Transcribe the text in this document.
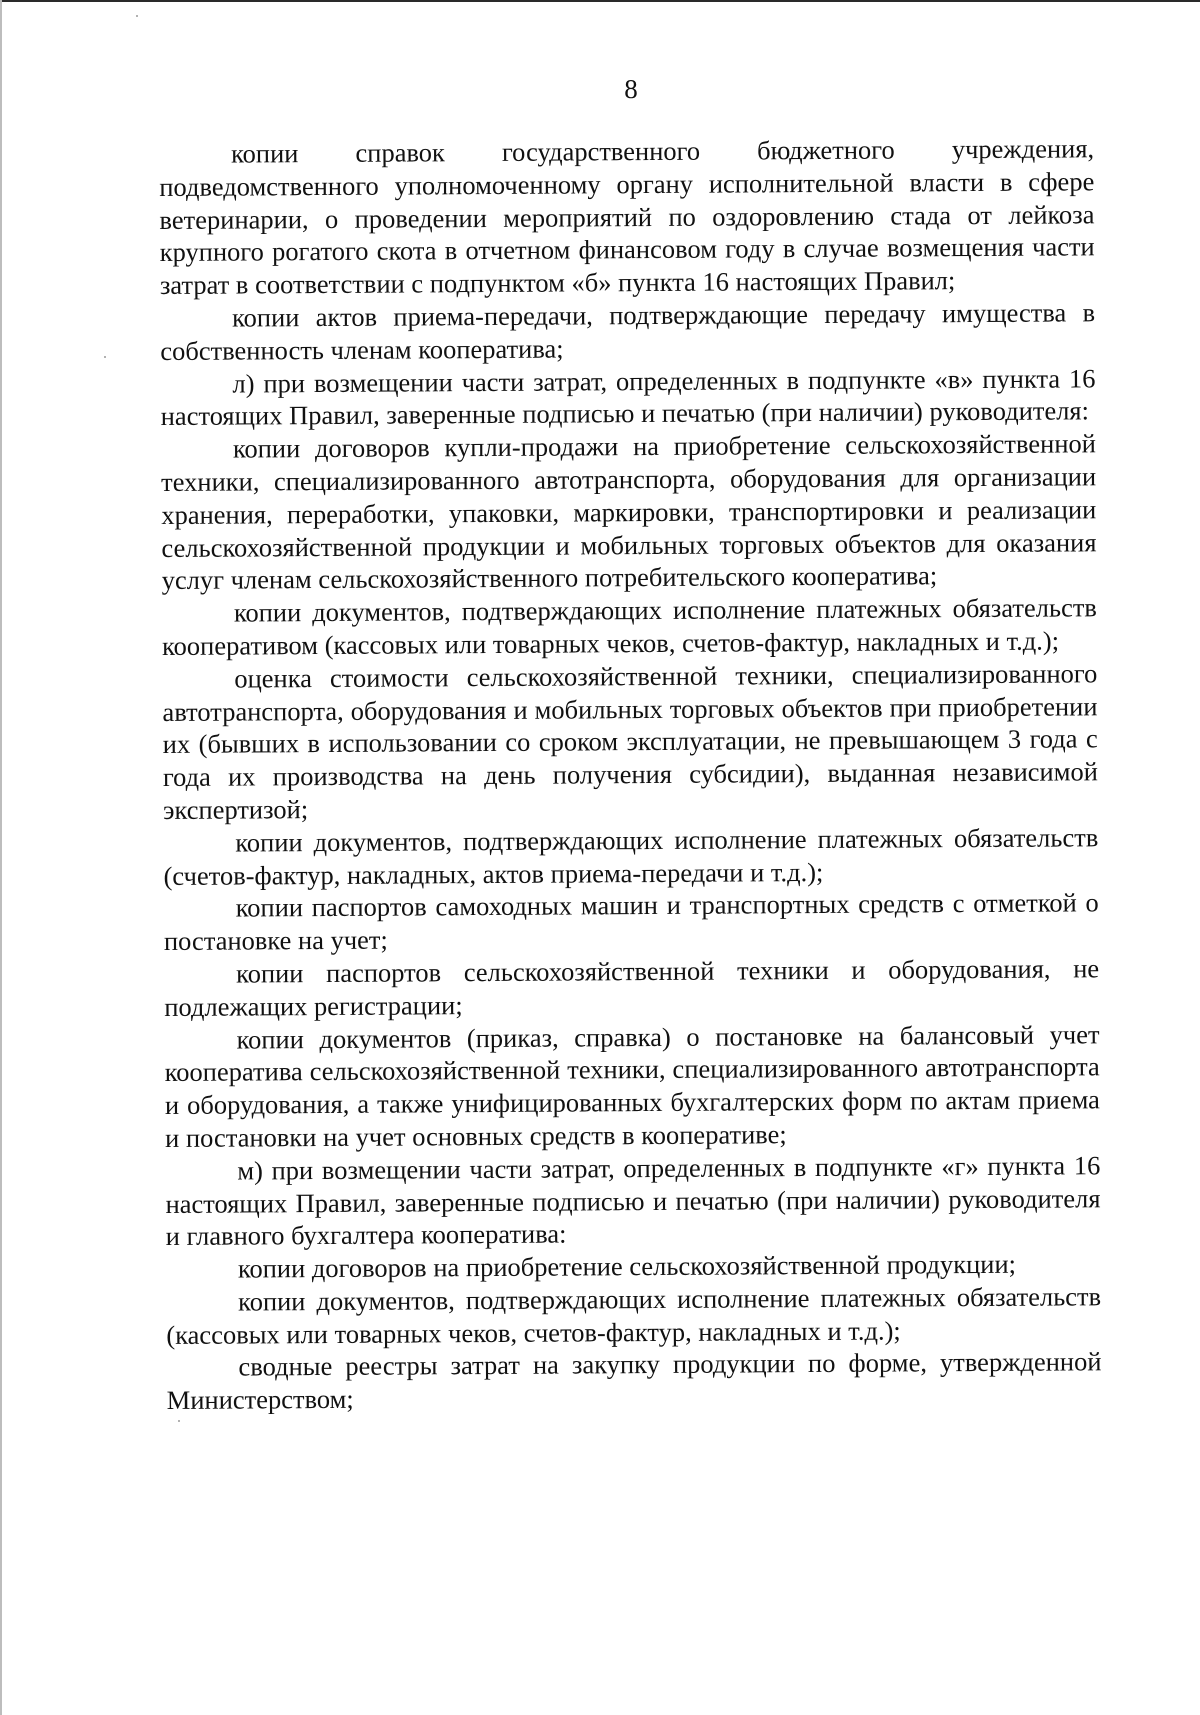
8

копии справок государственного бюджетного учреждения, подведомственного уполномоченному органу исполнительной власти в сфере ветеринарии, о проведении мероприятий по оздоровлению стада от лейкоза крупного рогатого скота в отчетном финансовом году в случае возмещения части затрат в соответствии с подпунктом «б» пункта 16 настоящих Правил;

копии актов приема-передачи, подтверждающие передачу имущества в собственность членам кооператива;

л) при возмещении части затрат, определенных в подпункте «в» пункта 16 настоящих Правил, заверенные подписью и печатью (при наличии) руководителя:

копии договоров купли-продажи на приобретение сельскохозяйственной техники, специализированного автотранспорта, оборудования для организации хранения, переработки, упаковки, маркировки, транспортировки и реализации сельскохозяйственной продукции и мобильных торговых объектов для оказания услуг членам сельскохозяйственного потребительского кооператива;

копии документов, подтверждающих исполнение платежных обязательств кооперативом (кассовых или товарных чеков, счетов-фактур, накладных и т.д.);

оценка стоимости сельскохозяйственной техники, специализированного автотранспорта, оборудования и мобильных торговых объектов при приобретении их (бывших в использовании со сроком эксплуатации, не превышающем 3 года с года их производства на день получения субсидии), выданная независимой экспертизой;

копии документов, подтверждающих исполнение платежных обязательств (счетов-фактур, накладных, актов приема-передачи и т.д.);

копии паспортов самоходных машин и транспортных средств с отметкой о постановке на учет;

копии паспортов сельскохозяйственной техники и оборудования, не подлежащих регистрации;

копии документов (приказ, справка) о постановке на балансовый учет кооператива сельскохозяйственной техники, специализированного автотранспорта и оборудования, а также унифицированных бухгалтерских форм по актам приема и постановки на учет основных средств в кооперативе;

м) при возмещении части затрат, определенных в подпункте «г» пункта 16 настоящих Правил, заверенные подписью и печатью (при наличии) руководителя и главного бухгалтера кооператива:

копии договоров на приобретение сельскохозяйственной продукции;

копии документов, подтверждающих исполнение платежных обязательств (кассовых или товарных чеков, счетов-фактур, накладных и т.д.);

сводные реестры затрат на закупку продукции по форме, утвержденной Министерством;
